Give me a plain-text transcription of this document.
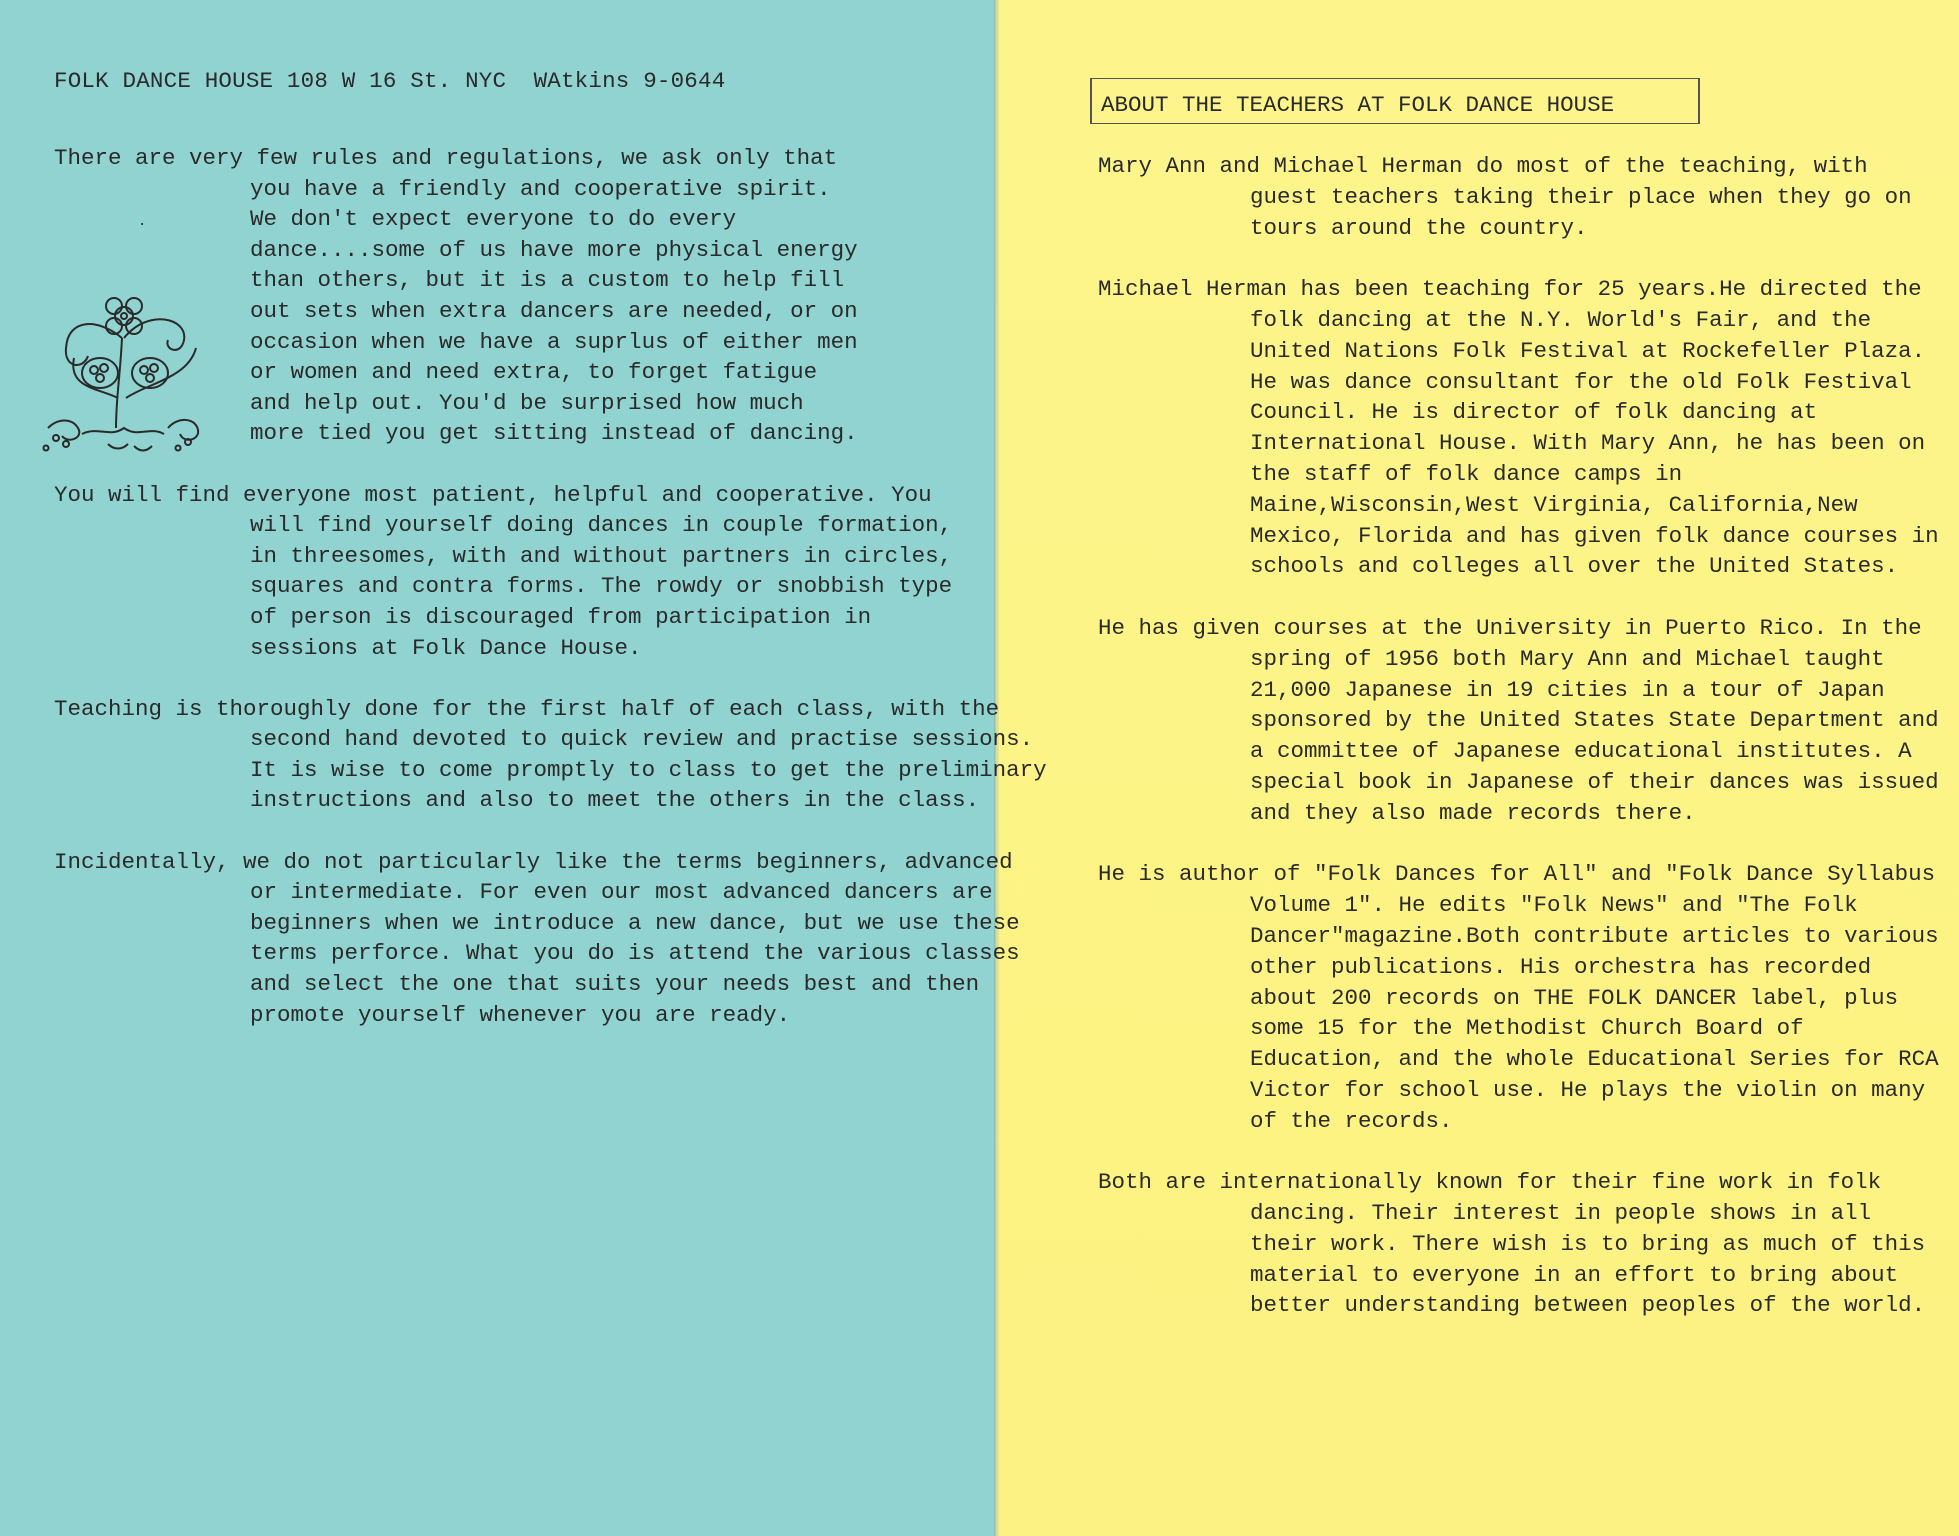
FOLK DANCE HOUSE 108 W 16 St. NYC  WAtkins 9-0644
·

There are very few rules and regulations, we ask only that you have a friendly and cooperative spirit. We don't expect everyone to do every dance....some of us have more physical energy than others, but it is a custom to help fill out sets when extra dancers are needed, or on occasion when we have a suprlus of either men or women and need extra, to forget fatigue and help out. You'd be surprised how much more tied you get sitting instead of dancing.

You will find everyone most patient, helpful and cooperative. You will find yourself doing dances in couple formation, in threesomes, with and without partners in circles, squares and contra forms. The rowdy or snobbish type of person is discouraged from participation in sessions at Folk Dance House.

Teaching is thoroughly done for the first half of each class, with the second hand devoted to quick review and practise sessions. It is wise to come promptly to class to get the preliminary instructions and also to meet the others in the class.

Incidentally, we do not particularly like the terms beginners, advanced or intermediate. For even our most advanced dancers are beginners when we introduce a new dance, but we use these terms perforce. What you do is attend the various classes and select the one that suits your needs best and then promote yourself whenever you are ready.

ABOUT THE TEACHERS AT FOLK DANCE HOUSE

Mary Ann and Michael Herman do most of the teaching, with guest teachers taking their place when they go on tours around the country.

Michael Herman has been teaching for 25 years.He directed the folk dancing at the N.Y. World's Fair, and the United Nations Folk Festival at Rockefeller Plaza. He was dance consultant for the old Folk Festival Council. He is director of folk dancing at International House. With Mary Ann, he has been on the staff of folk dance camps in Maine,Wisconsin,West Virginia, California,New Mexico, Florida and has given folk dance courses in schools and colleges all over the United States.

He has given courses at the University in Puerto Rico. In the spring of 1956 both Mary Ann and Michael taught 21,000 Japanese in 19 cities in a tour of Japan sponsored by the United States State Department and a committee of Japanese educational institutes. A special book in Japanese of their dances was issued and they also made records there.

He is author of "Folk Dances for All" and "Folk Dance Syllabus Volume 1". He edits "Folk News" and "The Folk Dancer"magazine.Both contribute articles to various other publications. His orchestra has recorded about 200 records on THE FOLK DANCER label, plus some 15 for the Methodist Church Board of Education, and the whole Educational Series for RCA Victor for school use. He plays the violin on many of the records.

Both are internationally known for their fine work in folk dancing. Their interest in people shows in all their work. There wish is to bring as much of this material to everyone in an effort to bring about better understanding between peoples of the world.
